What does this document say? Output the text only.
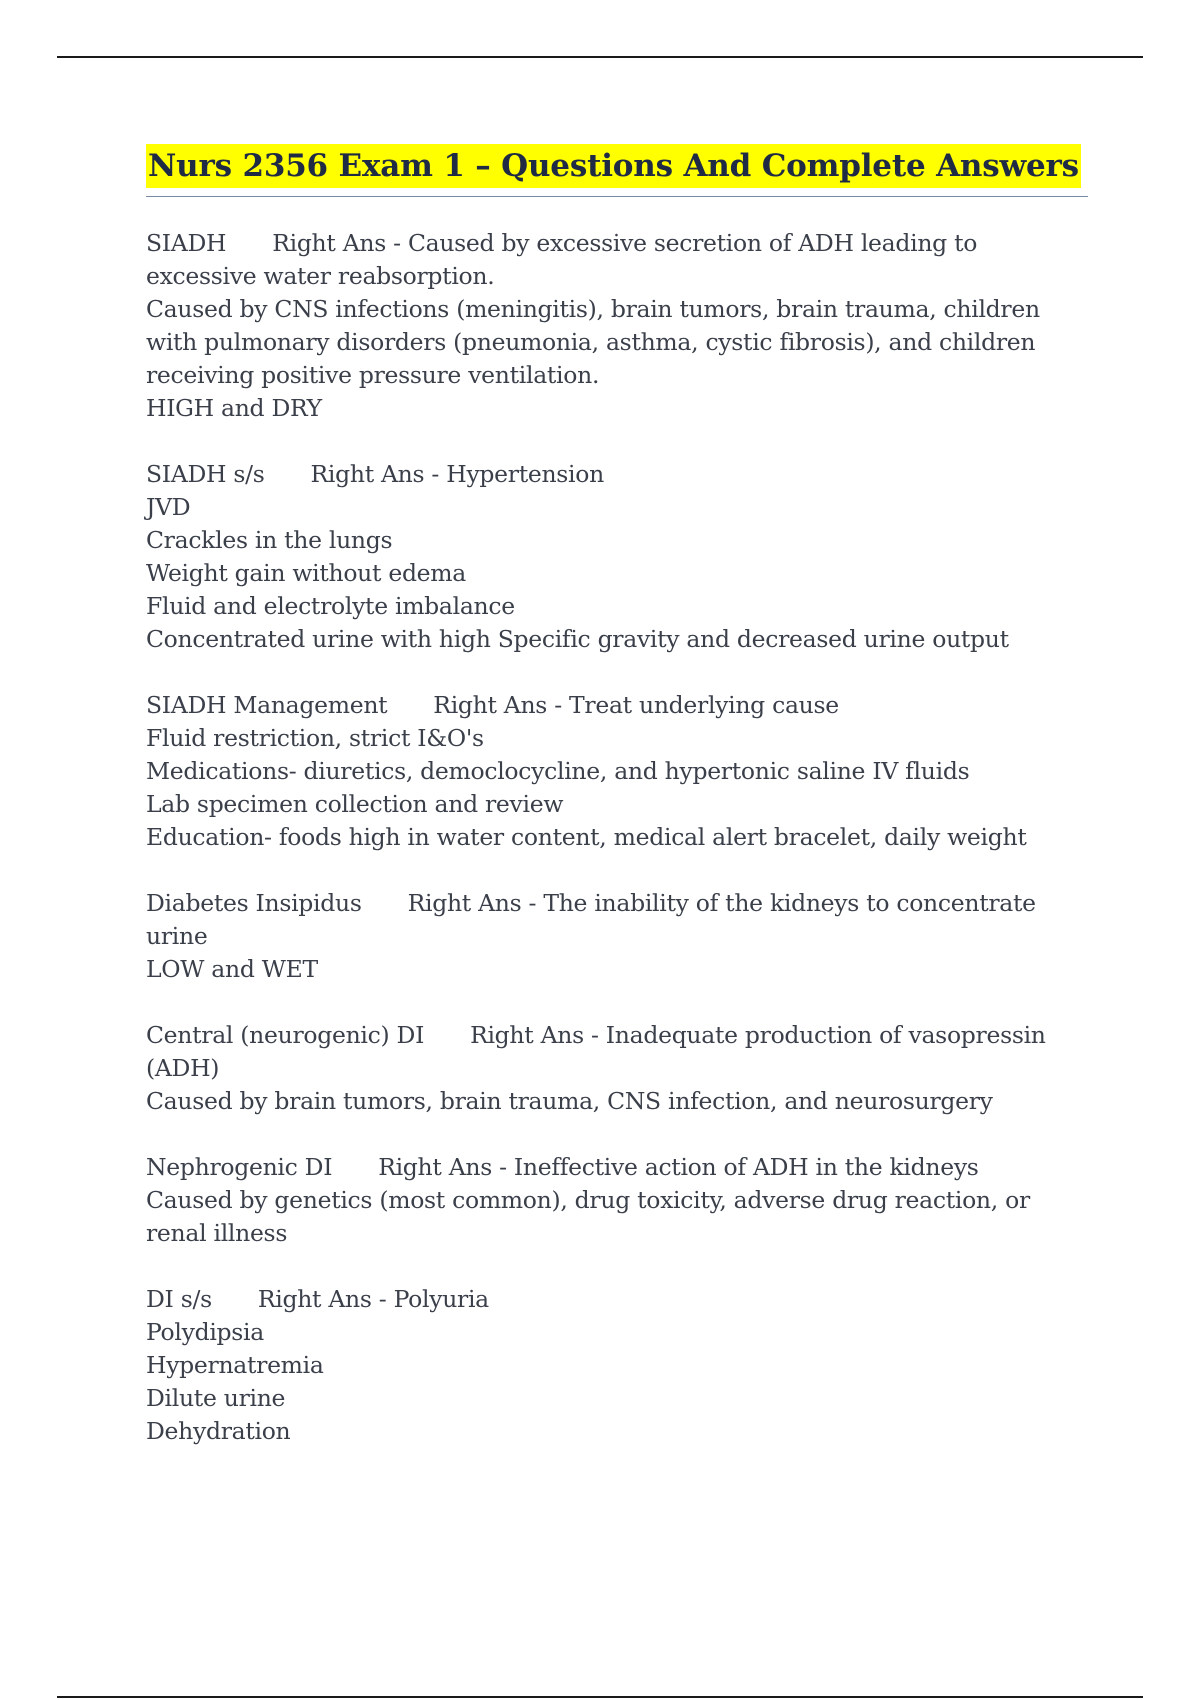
Nurs 2356 Exam 1 – Questions And Complete Answers

SIADH Right Ans - Caused by excessive secretion of ADH leading to excessive water reabsorption.

Caused by CNS infections (meningitis), brain tumors, brain trauma, children with pulmonary disorders (pneumonia, asthma, cystic fibrosis), and children receiving positive pressure ventilation.

HIGH and DRY

SIADH s/s Right Ans - Hypertension

JVD

Crackles in the lungs

Weight gain without edema

Fluid and electrolyte imbalance

Concentrated urine with high Specific gravity and decreased urine output

SIADH Management Right Ans - Treat underlying cause

Fluid restriction, strict I&O's

Medications- diuretics, democlocycline, and hypertonic saline IV fluids

Lab specimen collection and review

Education- foods high in water content, medical alert bracelet, daily weight

Diabetes Insipidus Right Ans - The inability of the kidneys to concentrate urine

LOW and WET

Central (neurogenic) DI Right Ans - Inadequate production of vasopressin (ADH)

Caused by brain tumors, brain trauma, CNS infection, and neurosurgery

Nephrogenic DI Right Ans - Ineffective action of ADH in the kidneys

Caused by genetics (most common), drug toxicity, adverse drug reaction, or renal illness

DI s/s Right Ans - Polyuria

Polydipsia

Hypernatremia

Dilute urine

Dehydration
